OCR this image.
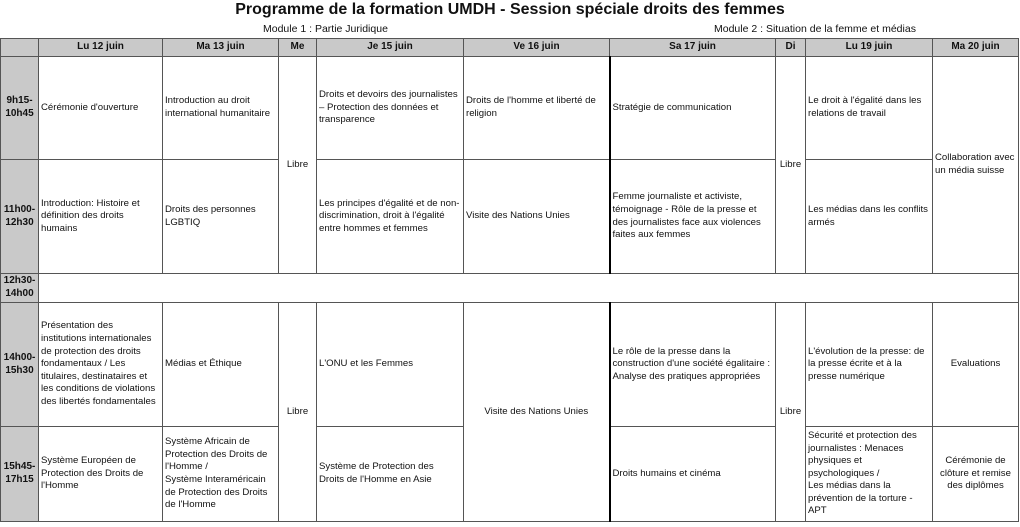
Programme de la formation UMDH - Session spéciale droits des femmes
Module 1 : Partie Juridique	Module 2 : Situation de la femme et médias
	Lu 12 juin	Ma 13 juin	Me	Je 15 juin	Ve 16 juin	Sa 17 juin	Di	Lu 19 juin	Ma 20 juin
9h15-
10h45	Cérémonie d'ouverture	Introduction au droit international humanitaire	Libre	Droits et devoirs des journalistes – Protection des données et transparence	Droits de l'homme et liberté de religion	Stratégie de communication	Libre	Le droit à l'égalité dans les relations de travail	Collaboration avec un média suisse
11h00-
12h30	Introduction: Histoire et définition des droits humains	Droits des personnes LGBTIQ		Les principes d'égalité et de non-discrimination, droit à l'égalité entre hommes et femmes	Visite des Nations Unies	Femme journaliste et activiste, témoignage - Rôle de la presse et des journalistes face aux violences faites aux femmes		Les médias dans les conflits armés	
12h30-
14h00									
14h00-
15h30	Présentation des institutions internationales de protection des droits fondamentaux / Les titulaires, destinataires et les conditions de violations des libertés fondamentales	Médias et Éthique	Libre	L'ONU et les Femmes	Visite des Nations Unies	Le rôle de la presse dans la construction d'une société égalitaire : Analyse des pratiques appropriées	Libre	L'évolution de la presse: de la presse écrite et à la presse numérique	Evaluations
15h45-
17h15	Système Européen de Protection des Droits de l'Homme	Système Africain de Protection des Droits de l'Homme /
Système Interaméricain de Protection des Droits de l'Homme		Système de Protection des Droits de l'Homme en Asie		Droits humains et cinéma		Sécurité et protection des journalistes : Menaces physiques et psychologiques /
Les médias dans la prévention de la torture - APT	Cérémonie de clôture et remise des diplômes
